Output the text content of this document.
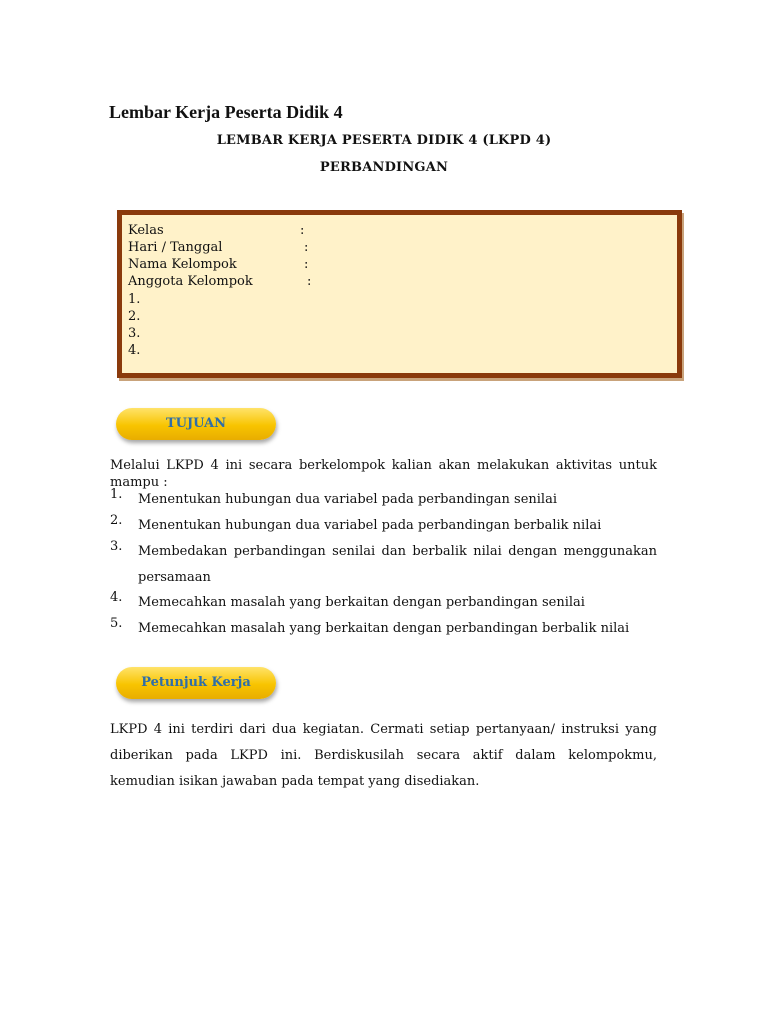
Lembar Kerja Peserta Didik 4
LEMBAR KERJA PESERTA DIDIK 4 (LKPD 4)
PERBANDINGAN
Kelas	:
Hari / Tanggal	:
Nama Kelompok	:
Anggota Kelompok	:
1.
2.
3.
4.
TUJUAN
Melalui LKPD 4 ini secara berkelompok kalian akan melakukan aktivitas untuk mampu :
1. Menentukan hubungan dua variabel pada perbandingan senilai
2. Menentukan hubungan dua variabel pada perbandingan berbalik nilai
3. Membedakan perbandingan senilai dan berbalik nilai dengan menggunakan persamaan
4. Memecahkan masalah yang berkaitan dengan perbandingan senilai
5. Memecahkan masalah yang berkaitan dengan perbandingan berbalik nilai
Petunjuk Kerja
LKPD 4 ini terdiri dari dua kegiatan. Cermati setiap pertanyaan/ instruksi yang diberikan pada LKPD ini. Berdiskusilah secara aktif dalam kelompokmu, kemudian isikan jawaban pada tempat yang disediakan.
